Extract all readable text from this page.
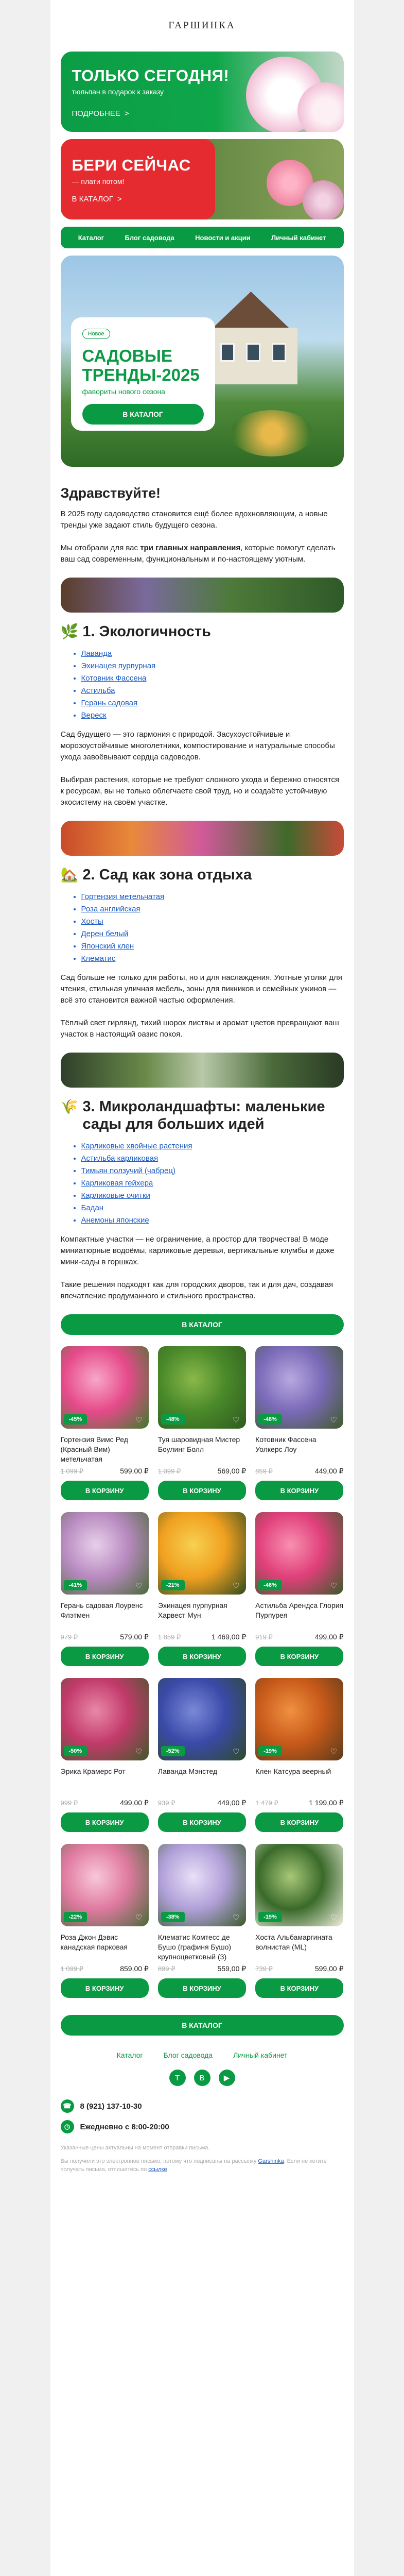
ГАРШИНКА
ТОЛЬКО СЕГОДНЯ!
тюльпан в подарок к заказу
ПОДРОБНЕЕ >
БЕРИ СЕЙЧАС
— плати потом!
В КАТАЛОГ >
Каталог	Блог садовода	Новости и акции	Личный кабинет
Новое
САДОВЫЕ ТРЕНДЫ-2025

фавориты нового сезона

В КАТАЛОГ
Здравствуйте!

В 2025 году садоводство становится ещё более вдохновляющим, а новые тренды уже задают стиль будущего сезона.

Мы отобрали для вас три главных направления, которые помогут сделать ваш сад современным, функциональным и по-настоящему уютным.

🌿 1. Экологичность
• Лаванда
• Эхинацея пурпурная
• Котовник Фассена
• Астильба
• Герань садовая
• Вереск

Сад будущего — это гармония с природой. Засухоустойчивые и морозоустойчивые многолетники, компостирование и натуральные способы ухода завоёвывают сердца садоводов.

Выбирая растения, которые не требуют сложного ухода и бережно относятся к ресурсам, вы не только облегчаете свой труд, но и создаёте устойчивую экосистему на своём участке.

🏡 2. Сад как зона отдыха
• Гортензия метельчатая
• Роза английская
• Хосты
• Дерен белый
• Японский клен
• Клематис

Сад больше не только для работы, но и для наслаждения. Уютные уголки для чтения, стильная уличная мебель, зоны для пикников и семейных ужинов — всё это становится важной частью оформления.

Тёплый свет гирлянд, тихий шорох листвы и аромат цветов превращают ваш участок в настоящий оазис покоя.

🌾 3. Микроландшафты: маленькие сады для больших идей
• Карликовые хвойные растения
• Астильба карликовая
• Тимьян ползучий (чабрец)
• Карликовая гейхера
• Карликовые очитки
• Бадан
• Анемоны японские

Компактные участки — не ограничение, а простор для творчества! В моде миниатюрные водоёмы, карликовые деревья, вертикальные клумбы и даже мини-сады в горшках.

Такие решения подходят как для городских дворов, так и для дач, создавая впечатление продуманного и стильного пространства.

В КАТАЛОГ
-45%	♡
Гортензия Вимс Ред (Красный Вим) метельчатая
1 099 ₽	599,00 ₽
В КОРЗИНУ
-48%	♡
Туя шаровидная Мистер Боулинг Болл
1 099 ₽	569,00 ₽
В КОРЗИНУ
-48%	♡
Котовник Фассена Уолкерс Лоу
859 ₽	449,00 ₽
В КОРЗИНУ
-41%	♡
Герань садовая Лоуренс Флэтмен
979 ₽	579,00 ₽
В КОРЗИНУ
-21%	♡
Эхинацея пурпурная Харвест Мун
1 859 ₽	1 469,00 ₽
В КОРЗИНУ
-46%	♡
Астильба Арендса Глория Пурпурея
919 ₽	499,00 ₽
В КОРЗИНУ
-50%	♡
Эрика Крамерс Рот
999 ₽	499,00 ₽
В КОРЗИНУ
-52%	♡
Лаванда Мэнстед
939 ₽	449,00 ₽
В КОРЗИНУ
-19%	♡
Клен Катсура веерный
1 479 ₽	1 199,00 ₽
В КОРЗИНУ
-22%	♡
Роза Джон Дэвис канадская парковая
1 099 ₽	859,00 ₽
В КОРЗИНУ
-38%	♡
Клематис Комтесс де Бушо (графиня Бушо) крупноцветковый (3)
899 ₽	559,00 ₽
В КОРЗИНУ
-19%	♡
Хоста Альбамаргината волнистая (ML)
739 ₽	599,00 ₽
В КОРЗИНУ
В КАТАЛОГ
Каталог	Блог садовода	Личный кабинет
Т	В	▶
☎	8 (921) 137-10-30
◷	Ежедневно с 8:00-20:00
Указанные цены актуальны на момент отправки письма.
Вы получили это электронное письмо, потому что подписаны на рассылку Garshinka. Если не хотите получать письма, отпишитесь по ссылке
